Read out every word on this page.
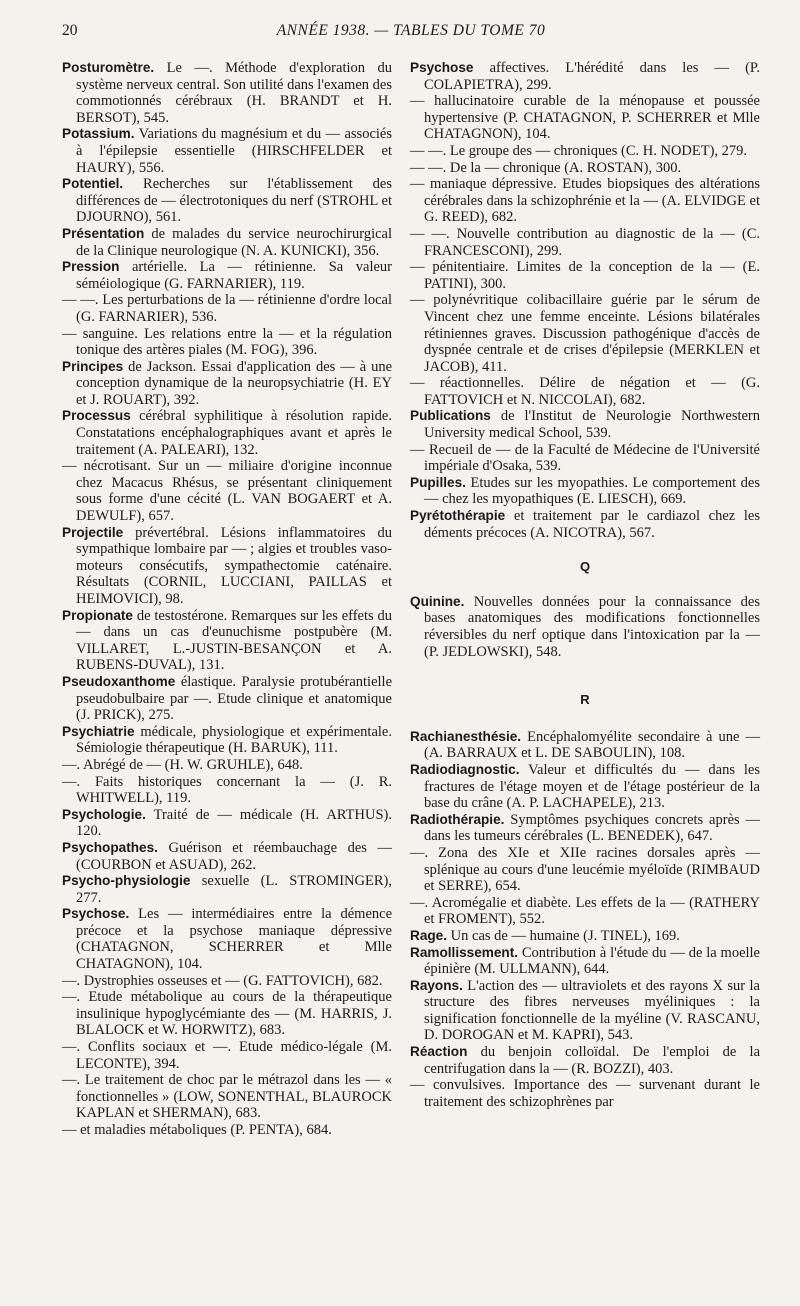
20	ANNÉE 1938. — TABLES DU TOME 70

Posturomètre. Le —. Méthode d'exploration du système nerveux central. Son utilité dans l'examen des commotionnés cérébraux (H. BRANDT et H. BERSOT), 545.

Potassium. Variations du magnésium et du — associés à l'épilepsie essentielle (HIRSCHFELDER et HAURY), 556.

Potentiel. Recherches sur l'établissement des différences de — électrotoniques du nerf (STROHL et DJOURNO), 561.

Présentation de malades du service neurochirurgical de la Clinique neurologique (N. A. KUNICKI), 356.

Pression artérielle. La — rétinienne. Sa valeur séméiologique (G. FARNARIER), 119.

— —. Les perturbations de la — rétinienne d'ordre local (G. FARNARIER), 536.

— sanguine. Les relations entre la — et la régulation tonique des artères piales (M. FOG), 396.

Principes de Jackson. Essai d'application des — à une conception dynamique de la neuropsychiatrie (H. EY et J. ROUART), 392.

Processus cérébral syphilitique à résolution rapide. Constatations encéphalographiques avant et après le traitement (A. PALEARI), 132.

— nécrotisant. Sur un — miliaire d'origine inconnue chez Macacus Rhésus, se présentant cliniquement sous forme d'une cécité (L. VAN BOGAERT et A. DEWULF), 657.

Projectile prévertébral. Lésions inflammatoires du sympathique lombaire par — ; algies et troubles vaso-moteurs consécutifs, sympathectomie caténaire. Résultats (CORNIL, LUCCIANI, PAILLAS et HEIMOVICI), 98.

Propionate de testostérone. Remarques sur les effets du — dans un cas d'eunuchisme postpubère (M. VILLARET, L.-JUSTIN-BESANÇON et A. RUBENS-DUVAL), 131.

Pseudoxanthome élastique. Paralysie protubérantielle pseudobulbaire par —. Etude clinique et anatomique (J. PRICK), 275.

Psychiatrie médicale, physiologique et expérimentale. Sémiologie thérapeutique (H. BARUK), 111.

—. Abrégé de — (H. W. GRUHLE), 648.

—. Faits historiques concernant la — (J. R. WHITWELL), 119.

Psychologie. Traité de — médicale (H. ARTHUS). 120.

Psychopathes. Guérison et réembauchage des — (COURBON et ASUAD), 262.

Psycho-physiologie sexuelle (L. STROMINGER), 277.

Psychose. Les — intermédiaires entre la démence précoce et la psychose maniaque dépressive (CHATAGNON, SCHERRER et Mlle CHATAGNON), 104.

—. Dystrophies osseuses et — (G. FATTOVICH), 682.

—. Etude métabolique au cours de la thérapeutique insulinique hypoglycémiante des — (M. HARRIS, J. BLALOCK et W. HORWITZ), 683.

—. Conflits sociaux et —. Etude médico-légale (M. LECONTE), 394.

—. Le traitement de choc par le métrazol dans les — « fonctionnelles » (LOW, SONENTHAL, BLAUROCK KAPLAN et SHERMAN), 683.

— et maladies métaboliques (P. PENTA), 684.

Psychose affectives. L'hérédité dans les — (P. COLAPIETRA), 299.

— hallucinatoire curable de la ménopause et poussée hypertensive (P. CHATAGNON, P. SCHERRER et Mlle CHATAGNON), 104.

— —. Le groupe des — chroniques (C. H. NODET), 279.

— —. De la — chronique (A. ROSTAN), 300.

— maniaque dépressive. Etudes biopsiques des altérations cérébrales dans la schizophrénie et la — (A. ELVIDGE et G. REED), 682.

— —. Nouvelle contribution au diagnostic de la — (C. FRANCESCONI), 299.

— pénitentiaire. Limites de la conception de la — (E. PATINI), 300.

— polynévritique colibacillaire guérie par le sérum de Vincent chez une femme enceinte. Lésions bilatérales rétiniennes graves. Discussion pathogénique d'accès de dyspnée centrale et de crises d'épilepsie (MERKLEN et JACOB), 411.

— réactionnelles. Délire de négation et — (G. FATTOVICH et N. NICCOLAI), 682.

Publications de l'Institut de Neurologie Northwestern University medical School, 539.

— Recueil de — de la Faculté de Médecine de l'Université impériale d'Osaka, 539.

Pupilles. Etudes sur les myopathies. Le comportement des — chez les myopathiques (E. LIESCH), 669.

Pyrétothérapie et traitement par le cardiazol chez les déments précoces (A. NICOTRA), 567.

Q

Quinine. Nouvelles données pour la connaissance des bases anatomiques des modifications fonctionnelles réversibles du nerf optique dans l'intoxication par la — (P. JEDLOWSKI), 548.

R

Rachianesthésie. Encéphalomyélite secondaire à une — (A. BARRAUX et L. DE SABOULIN), 108.

Radiodiagnostic. Valeur et difficultés du — dans les fractures de l'étage moyen et de l'étage postérieur de la base du crâne (A. P. LACHAPELE), 213.

Radiothérapie. Symptômes psychiques concrets après — dans les tumeurs cérébrales (L. BENEDEK), 647.

—. Zona des XIe et XIIe racines dorsales après — splénique au cours d'une leucémie myéloïde (RIMBAUD et SERRE), 654.

—. Acromégalie et diabète. Les effets de la — (RATHERY et FROMENT), 552.

Rage. Un cas de — humaine (J. TINEL), 169.

Ramollissement. Contribution à l'étude du — de la moelle épinière (M. ULLMANN), 644.

Rayons. L'action des — ultraviolets et des rayons X sur la structure des fibres nerveuses myéliniques : la signification fonctionnelle de la myéline (V. RASCANU, D. DOROGAN et M. KAPRI), 543.

Réaction du benjoin colloïdal. De l'emploi de la centrifugation dans la — (R. BOZZI), 403.

— convulsives. Importance des — survenant durant le traitement des schizophrènes par
